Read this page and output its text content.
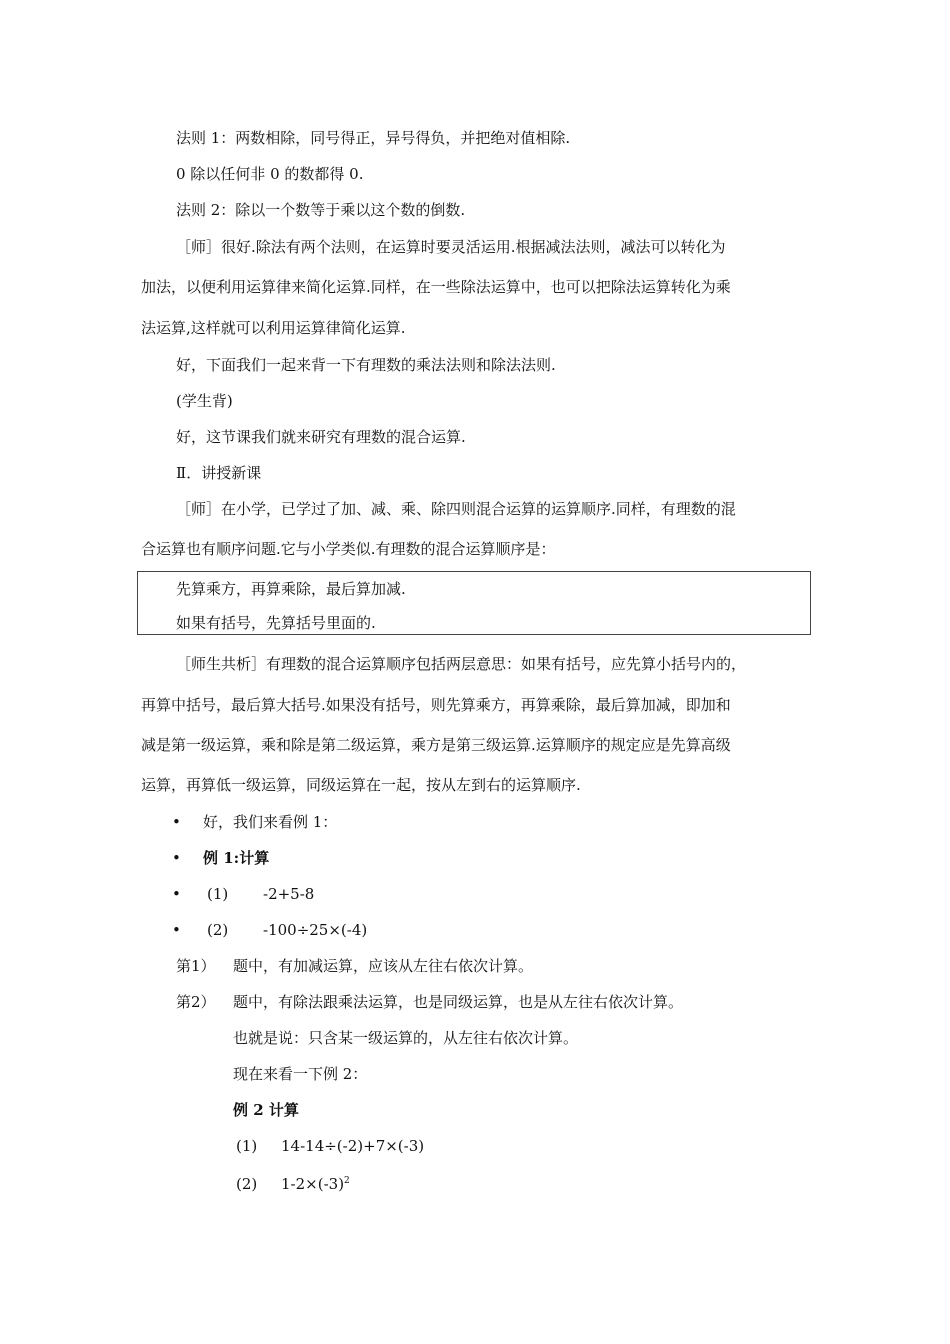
法则 1：两数相除，同号得正，异号得负，并把绝对值相除.
0 除以任何非 0 的数都得 0.
法则 2：除以一个数等于乘以这个数的倒数.
［师］很好.除法有两个法则，在运算时要灵活运用.根据减法法则，减法可以转化为
加法，以便利用运算律来简化运算.同样，在一些除法运算中，也可以把除法运算转化为乘
法运算,这样就可以利用运算律简化运算.
好，下面我们一起来背一下有理数的乘法法则和除法法则.
(学生背)
好，这节课我们就来研究有理数的混合运算.
Ⅱ．讲授新课
［师］在小学，已学过了加、减、乘、除四则混合运算的运算顺序.同样，有理数的混
合运算也有顺序问题.它与小学类似.有理数的混合运算顺序是：
先算乘方，再算乘除，最后算加减.
如果有括号，先算括号里面的.
［师生共析］有理数的混合运算顺序包括两层意思：如果有括号，应先算小括号内的，
再算中括号，最后算大括号.如果没有括号，则先算乘方，再算乘除，最后算加减，即加和
减是第一级运算，乘和除是第二级运算，乘方是第三级运算.运算顺序的规定应是先算高级
运算，再算低一级运算，同级运算在一起，按从左到右的运算顺序.
• 好，我们来看例 1：
• 例 1:计算
• (1) -2+5-8
• (2) -100÷25×(-4)
第1） 题中，有加减运算，应该从左往右依次计算。
第2） 题中，有除法跟乘法运算，也是同级运算，也是从左往右依次计算。
也就是说：只含某一级运算的，从左往右依次计算。
现在来看一下例 2：
例 2 计算
(1) 14-14÷(-2)+7×(-3)
(2) $1-2\times(-3)^2$
